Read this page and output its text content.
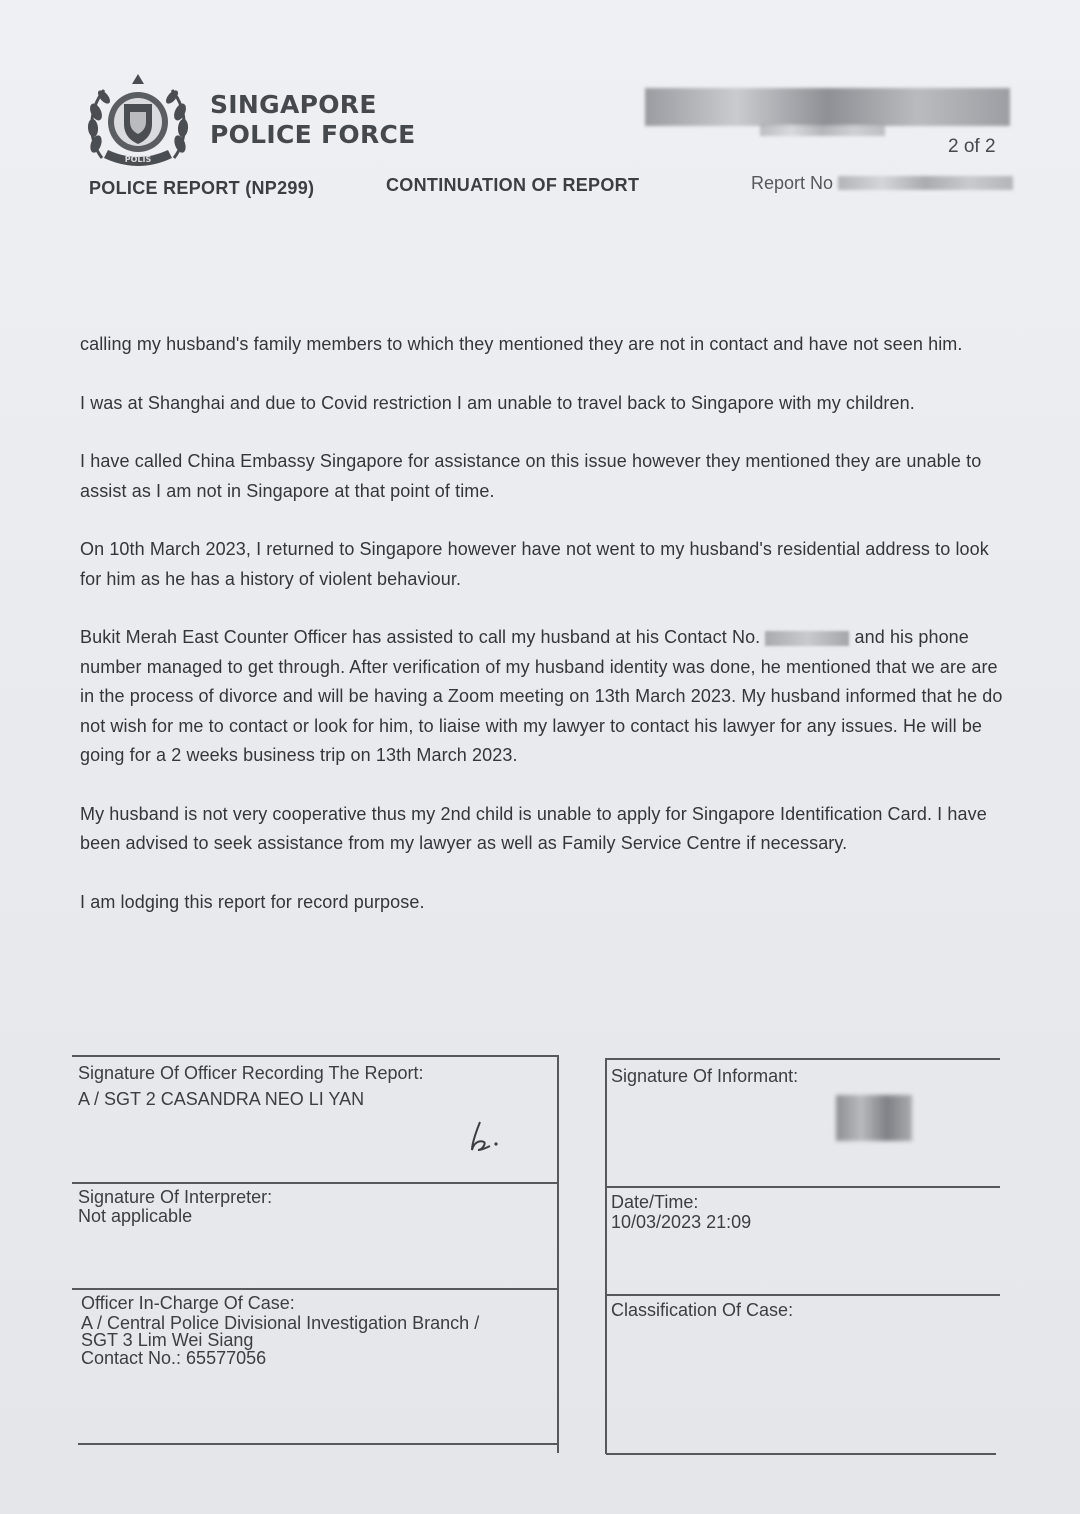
POLIS
SINGAPORE
POLICE FORCE	2 of 2
POLICE REPORT (NP299)	CONTINUATION OF REPORT	Report No

calling my husband's family members to which they mentioned they are not in contact and have not seen him.

I was at Shanghai and due to Covid restriction I am unable to travel back to Singapore with my children.

I have called China Embassy Singapore for assistance on this issue however they mentioned they are unable to assist as I am not in Singapore at that point of time.

On 10th March 2023, I returned to Singapore however have not went to my husband's residential address to look for him as he has a history of violent behaviour.

Bukit Merah East Counter Officer has assisted to call my husband at his Contact No.	and his phone number managed to get through. After verification of my husband identity was done, he mentioned that we are are in the process of divorce and will be having a Zoom meeting on 13th March 2023. My husband informed that he do not wish for me to contact or look for him, to liaise with my lawyer to contact his lawyer for any issues. He will be going for a 2 weeks business trip on 13th March 2023.

My husband is not very cooperative thus my 2nd child is unable to apply for Singapore Identification Card. I have been advised to seek assistance from my lawyer as well as Family Service Centre if necessary.

I am lodging this report for record purpose.

Signature Of Officer Recording The Report:
A / SGT 2 CASANDRA NEO LI YAN
Signature Of Informant:
Signature Of Interpreter:
Not applicable
Date/Time:
10/03/2023 21:09
Officer In-Charge Of Case:
A / Central Police Divisional Investigation Branch /
SGT 3 Lim Wei Siang
Contact No.: 65577056
Classification Of Case:
